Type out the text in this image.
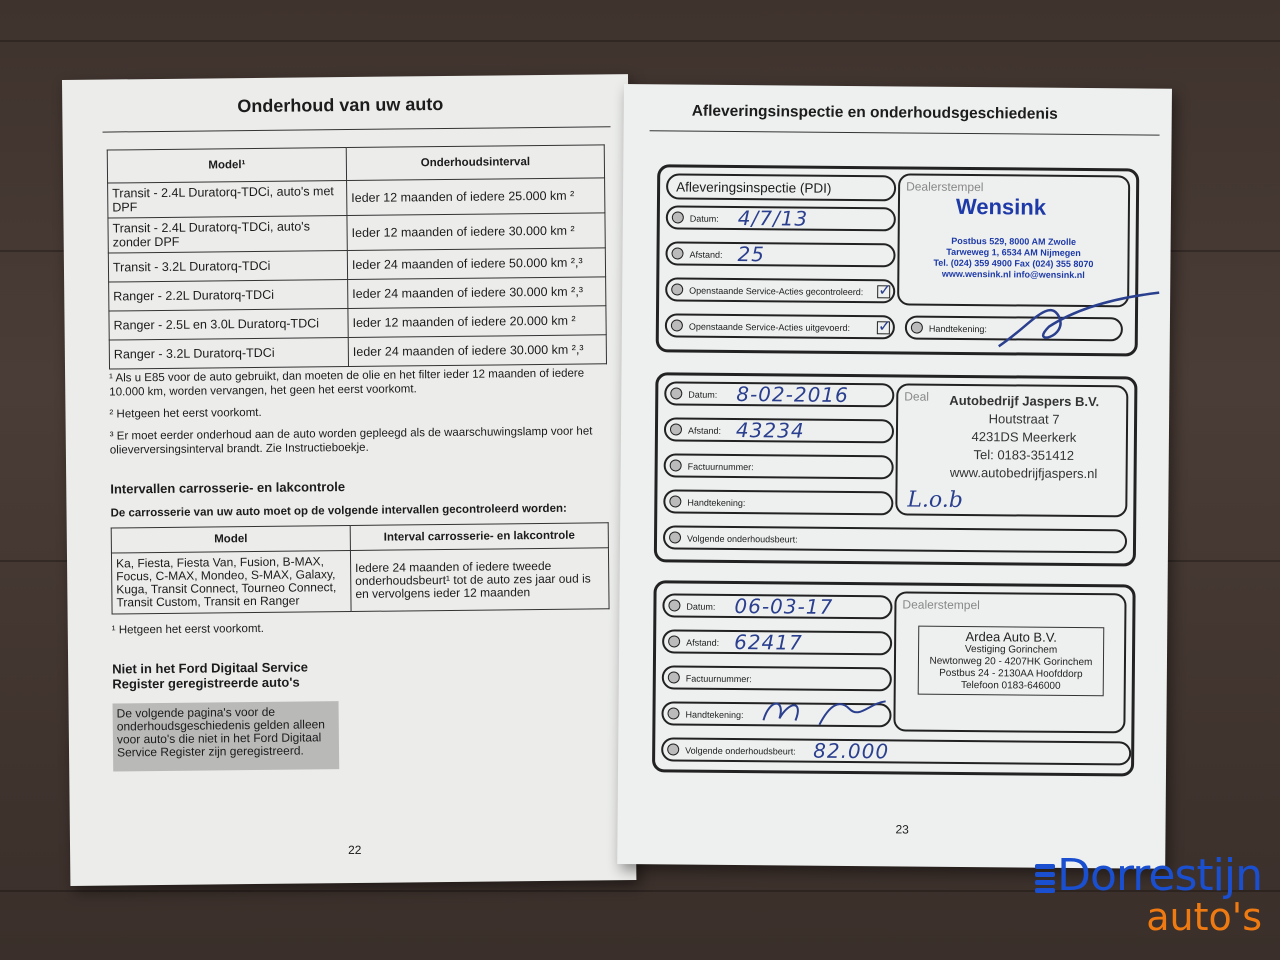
Onderhoud van uw auto
Model¹	Onderhoudsinterval
Transit - 2.4L Duratorq-TDCi, auto's met DPF	Ieder 12 maanden of iedere 25.000 km ²
Transit - 2.4L Duratorq-TDCi, auto's zonder DPF	Ieder 12 maanden of iedere 30.000 km ²
Transit - 3.2L Duratorq-TDCi	Ieder 24 maanden of iedere 50.000 km ²,³
Ranger - 2.2L Duratorq-TDCi	Ieder 24 maanden of iedere 30.000 km ²,³
Ranger - 2.5L en 3.0L Duratorq-TDCi	Ieder 12 maanden of iedere 20.000 km ²
Ranger - 3.2L Duratorq-TDCi	Ieder 24 maanden of iedere 30.000 km ²,³
¹ Als u E85 voor de auto gebruikt, dan moeten de olie en het filter ieder 12 maanden of iedere 10.000 km, worden vervangen, het geen het eerst voorkomt.
² Hetgeen het eerst voorkomt.
³ Er moet eerder onderhoud aan de auto worden gepleegd als de waarschuwingslamp voor het olieverversingsinterval brandt. Zie Instructieboekje.
Intervallen carrosserie- en lakcontrole
De carrosserie van uw auto moet op de volgende intervallen gecontroleerd worden:
Model	Interval carrosserie- en lakcontrole
Ka, Fiesta, Fiesta Van, Fusion, B-MAX, Focus, C-MAX, Mondeo, S-MAX, Galaxy, Kuga, Transit Connect, Tourneo Connect, Transit Custom, Transit en Ranger	Iedere 24 maanden of iedere tweede onderhoudsbeurt¹ tot de auto zes jaar oud is en vervolgens ieder 12 maanden
¹ Hetgeen het eerst voorkomt.
Niet in het Ford Digitaal Service Register geregistreerde auto's
De volgende pagina's voor de onderhoudsgeschiedenis gelden alleen voor auto's die niet in het Ford Digitaal Service Register zijn geregistreerd.
22
Afleveringsinspectie en onderhoudsgeschiedenis
Afleveringsinspectie (PDI)
Datum: 4/7/13
Afstand: 25
Openstaande Service-Acties gecontroleerd:
✓
Openstaande Service-Acties uitgevoerd:
✓
Dealerstempel
Wensink
Postbus 529, 8000 AM Zwolle
Tarweweg 1, 6534 AM Nijmegen
Tel. (024) 359 4900 Fax (024) 355 8070
www.wensink.nl info@wensink.nl
Handtekening:
Datum: 8-02-2016
Afstand: 43234
Factuurnummer:
Handtekening:
Volgende onderhoudsbeurt:
Deal	Autobedrijf Jaspers B.V.
Houtstraat 7
4231DS Meerkerk
Tel: 0183-351412
www.autobedrijfjaspers.nl
L.o.b
Datum: 06-03-17
Afstand: 62417
Factuurnummer:
Handtekening:
Volgende onderhoudsbeurt: 82.000
Dealerstempel
Ardea Auto B.V.
Vestiging Gorinchem
Newtonweg 20 - 4207HK Gorinchem
Postbus 24 - 2130AA Hoofddorp
Telefoon 0183-646000
23
Dorrestijn
auto's
